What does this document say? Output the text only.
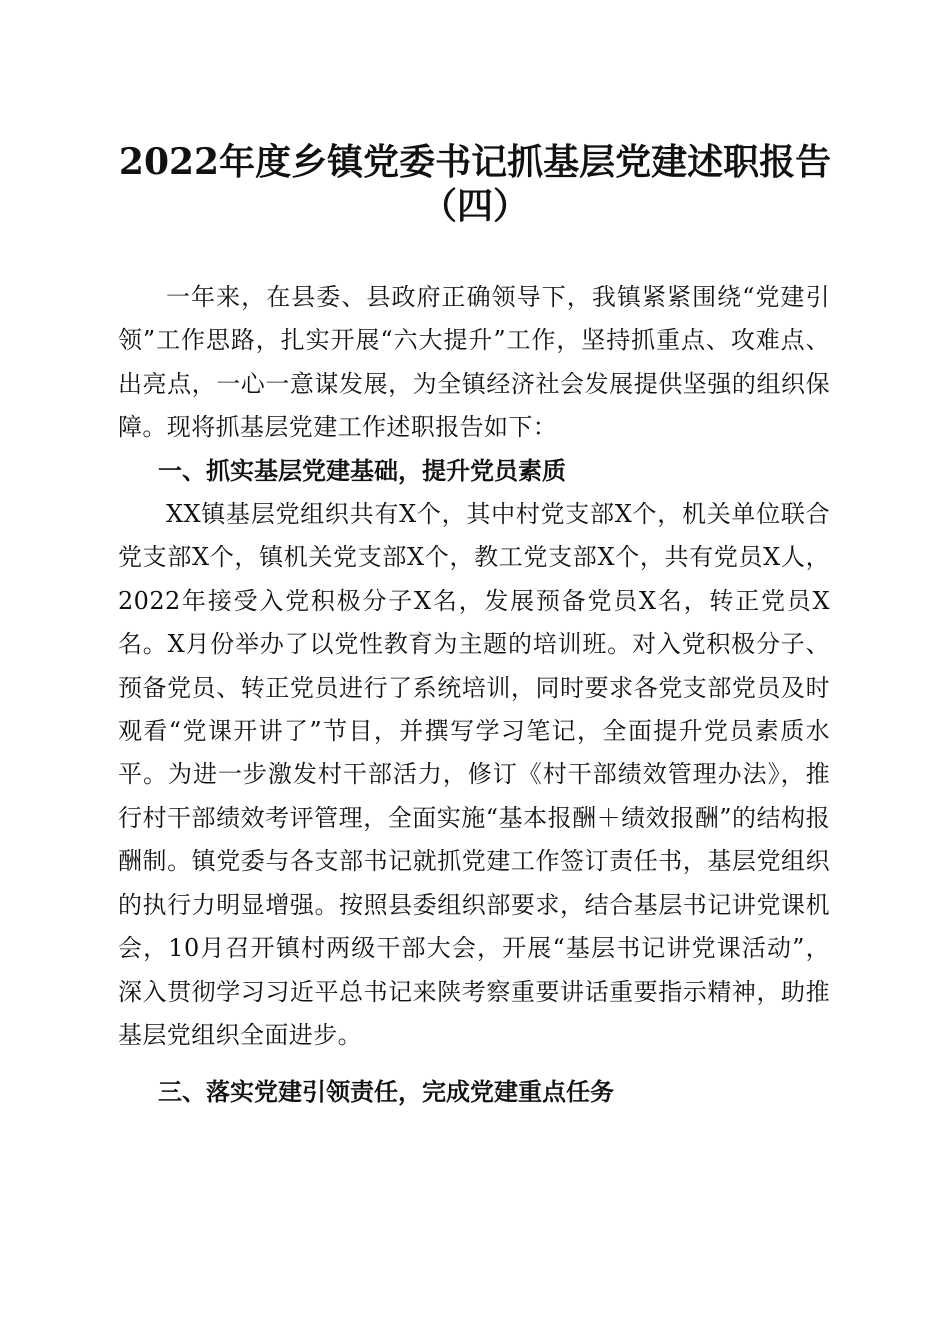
2022年度乡镇党委书记抓基层党建述职报告
（四）

一年来，在县委、县政府正确领导下，我镇紧紧围绕“党建引领”工作思路，扎实开展“六大提升”工作，坚持抓重点、攻难点、出亮点，一心一意谋发展，为全镇经济社会发展提供坚强的组织保障。现将抓基层党建工作述职报告如下：

一、抓实基层党建基础，提升党员素质

XX镇基层党组织共有X个，其中村党支部X个，机关单位联合党支部X个，镇机关党支部X个，教工党支部X个，共有党员X人，2022年接受入党积极分子X名，发展预备党员X名，转正党员X名。X月份举办了以党性教育为主题的培训班。对入党积极分子、预备党员、转正党员进行了系统培训，同时要求各党支部党员及时观看“党课开讲了”节目，并撰写学习笔记，全面提升党员素质水平。为进一步激发村干部活力，修订《村干部绩效管理办法》，推行村干部绩效考评管理，全面实施“基本报酬＋绩效报酬”的结构报酬制。镇党委与各支部书记就抓党建工作签订责任书，基层党组织的执行力明显增强。按照县委组织部要求，结合基层书记讲党课机会，10月召开镇村两级干部大会，开展“基层书记讲党课活动”，深入贯彻学习习近平总书记来陕考察重要讲话重要指示精神，助推基层党组织全面进步。

三、落实党建引领责任，完成党建重点任务
